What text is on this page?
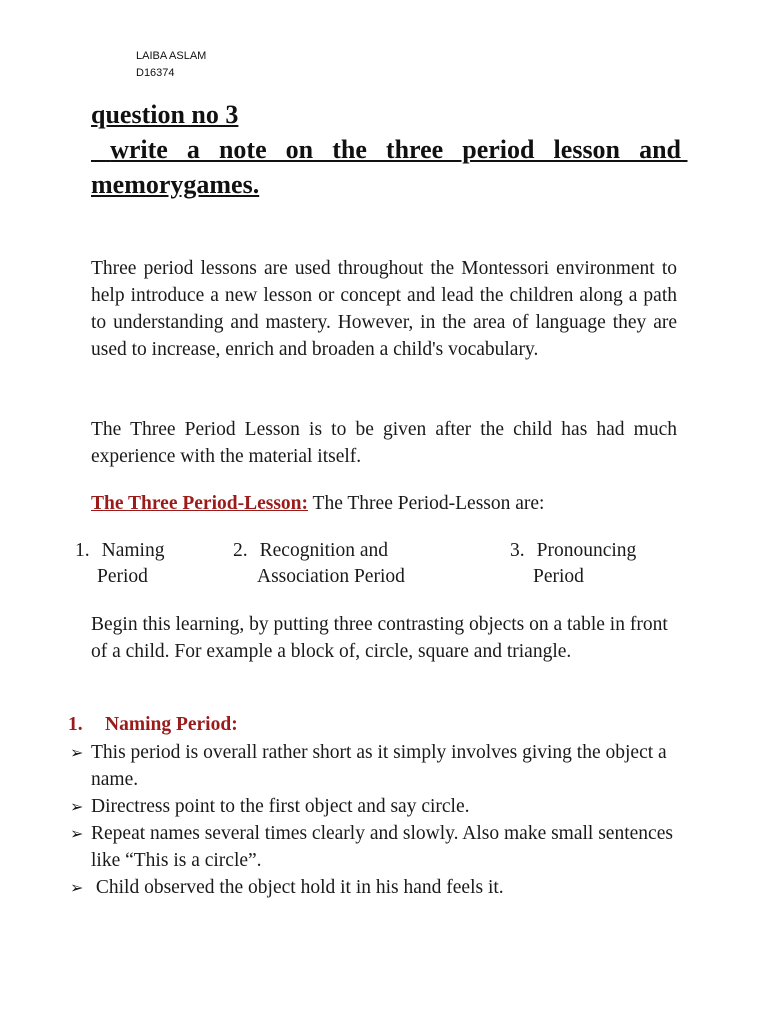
LAIBA ASLAM
D16374
question no 3
write a note on the three period lesson and memorygames.

Three period lessons are used throughout the Montessori environment to help introduce a new lesson or concept and lead the children along a path to understanding and mastery. However, in the area of language they are used to increase, enrich and broaden a child's vocabulary.

The Three Period Lesson is to be given after the child has had much experience with the material itself.

The Three Period-Lesson: The Three Period-Lesson are:

1. Naming
Period
2. Recognition and
Association Period
3. Pronouncing
Period

Begin this learning, by putting three contrasting objects on a table in front of a child. For example a block of, circle, square and triangle.

1. Naming Period:
➢ This period is overall rather short as it simply involves giving the object a name.
➢ Directress point to the first object and say circle.
➢ Repeat names several times clearly and slowly. Also make small sentences like “This is a circle”.
➢ Child observed the object hold it in his hand feels it.
